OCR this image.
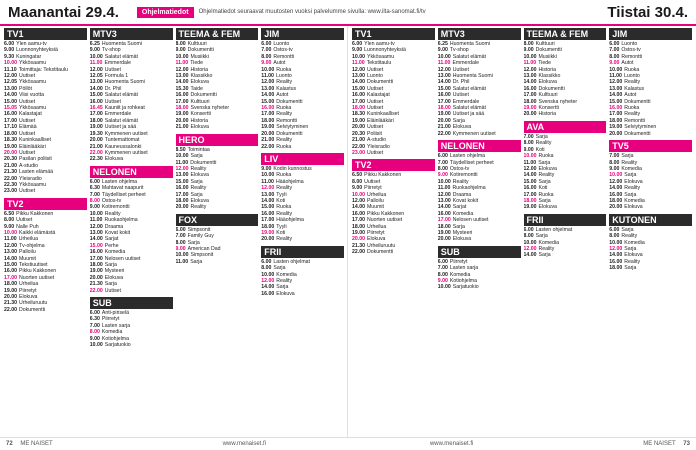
Maanantai 29.4.	Ohjelmatiedot	Ohjelmatiedot seuraavat muutosten vuoksi palvelumme sivulla: www.ilta-sanomat.fi/tv	Tiistai 30.4.
TV1
6.00 Ylen aamu-tv
9.00 Luonnonyhteyksiä
9.30 Kuningatar
10.00 Ykkösaamu
11.10 Toimittaja: Tekstitaulu
12.00 Uutiset
12.05 Ykkösaamu
13.00 Pöllöt
14.00 Viisi vuotta
15.00 Uutiset
15.05 Ykkösaamu
16.00 Kalastajat
17.00 Uutiset
17.10 Elämää
18.00 Uutiset
18.30 Kuninkaalliset
19.00 Eläinlääkäri
20.00 Uutiset
20.30 Pasilan poliisit
21.00 A-studio
21.30 Lasten elämää
22.00 Yleisradio
22.30 Ykkösaamu
23.00 Uutiset
TV2
6.50 Pikku Kakkonen
8.00 Uutiset
9.00 Nalle Puh
10.00 Kaikki elämästä
11.00 Urheilua
12.00 Tv-ohjelma
13.00 Palloilu
14.00 Muumit
15.00 Tekstiuutiset
16.00 Pikku Kakkonen
17.00 Nuorten uutiset
18.00 Urheilua
19.00 Piirretyt
20.00 Elokuva
21.30 Urheiluruutu
22.00 Dokumentti
MTV3
6.25 Huomenta Suomi
9.00 Tv-shop
10.00 Salatut elämät
11.00 Emmerdale
12.00 Uutiset
12.05 Formula 1
13.00 Huomenta Suomi
14.00 Dr. Phil
15.00 Salatut elämät
16.00 Uutiset
16.45 Kauniit ja rohkeat
17.00 Emmerdale
18.00 Salatut elämät
19.00 Uutiset ja sää
19.30 Kymmenen uutiset
20.00 Tuntemattomat
21.00 Kauneussalonki
22.00 Kymmenen uutiset
22.30 Elokuva
NELONEN
6.00 Lasten ohjelma
6.30 Mahtavat naapurit
7.00 Täydelliset perheet
8.00 Ostos-tv
9.00 Kotiremontti
10.00 Reality
11.00 Ruokaohjelma
12.00 Draama
13.00 Kovat kokit
14.00 Sarjat
15.00 Perhe
16.00 Komedia
17.00 Nelosen uutiset
18.00 Sarja
19.00 Mysteeri
20.00 Elokuva
21.30 Sarja
22.00 Uutiset
SUB
6.00 Anti-piriselä
6.30 Piirretyt
7.00 Lasten sarja
8.00 Komedia
9.00 Kotiohjelma
10.00 Sarjatuokio
TEEMA & FEM
8.00 Kulttuuri
9.00 Dokumentti
10.00 Musiikki
11.00 Tiede
12.00 Historia
13.00 Klassikko
14.00 Elokuva
15.30 Taide
16.00 Dokumentti
17.00 Kulttuuri
18.00 Svenska nyheter
19.00 Konsertti
20.00 Historia
21.00 Elokuva
HERO
8.50 Toimintaa
10.00 Sarja
11.00 Dokumentti
12.00 Reality
13.00 Elokuva
15.00 Sarja
16.00 Reality
17.00 Sarja
18.00 Elokuva
20.00 Reality
FOX
6.00 Simpsonit
7.00 Family Guy
8.00 Sarja
9.00 American Dad
10.00 Simpsonit
11.00 Sarja
JIM
6.00 Luonto
7.00 Ostos-tv
8.00 Remontti
9.00 Autot
10.00 Ruoka
11.00 Luonto
12.00 Reality
13.00 Kalastus
14.00 Autot
15.00 Dokumentti
16.00 Ruoka
17.00 Reality
18.00 Remontti
19.00 Selviytyminen
20.00 Dokumentti
21.00 Reality
22.00 Ruoka
LIV
9.00 Kodin kunnostus
10.00 Ruoka
11.00 Hääohjelma
12.00 Reality
13.00 Tyyli
14.00 Koti
15.00 Ruoka
16.00 Reality
17.00 Hääohjelma
18.00 Tyyli
19.00 Koti
20.00 Reality
FRII
6.00 Lasten ohjelmat
8.00 Sarja
10.00 Komedia
12.00 Reality
14.00 Sarja
16.00 Elokuva
TV1
6.00 Ylen aamu-tv
9.00 Luonnonyhteyksiä
10.00 Ykkösaamu
11.00 Tekstitaulu
12.00 Uutiset
13.00 Luonto
14.00 Dokumentti
15.00 Uutiset
16.00 Kalastajat
17.00 Uutiset
18.00 Uutiset
18.30 Kuninkaalliset
19.00 Eläinlääkäri
20.00 Uutiset
20.30 Poliisit
21.00 A-studio
22.00 Yleisradio
23.00 Uutiset
TV2
6.50 Pikku Kakkonen
8.00 Uutiset
9.00 Piirretyt
10.00 Urheilua
12.00 Palloilu
14.00 Muumit
16.00 Pikku Kakkonen
17.00 Nuorten uutiset
18.00 Urheilua
19.00 Piirretyt
20.00 Elokuva
21.30 Urheiluruutu
22.00 Dokumentti
MTV3
6.25 Huomenta Suomi
9.00 Tv-shop
10.00 Salatut elämät
11.00 Emmerdale
12.00 Uutiset
13.00 Huomenta Suomi
14.00 Dr. Phil
15.00 Salatut elämät
16.00 Uutiset
17.00 Emmerdale
18.00 Salatut elämät
19.00 Uutiset ja sää
20.00 Sarja
21.00 Elokuva
22.00 Kymmenen uutiset
NELONEN
6.00 Lasten ohjelma
7.00 Täydelliset perheet
8.00 Ostos-tv
9.00 Kotiremontti
10.00 Reality
11.00 Ruokaohjelma
12.00 Draama
13.00 Kovat kokit
14.00 Sarjat
16.00 Komedia
17.00 Nelosen uutiset
18.00 Sarja
19.00 Mysteeri
20.00 Elokuva
SUB
6.00 Piirretyt
7.00 Lasten sarja
8.00 Komedia
9.00 Kotiohjelma
10.00 Sarjatuokio
TEEMA & FEM
8.00 Kulttuuri
9.00 Dokumentti
10.00 Musiikki
11.00 Tiede
12.00 Historia
13.00 Klassikko
14.00 Elokuva
16.00 Dokumentti
17.00 Kulttuuri
18.00 Svenska nyheter
19.00 Konsertti
20.00 Historia
AVA
7.00 Sarja
8.00 Reality
9.00 Koti
10.00 Ruoka
11.00 Sarja
12.00 Elokuva
14.00 Reality
15.00 Sarja
16.00 Koti
17.00 Ruoka
18.00 Sarja
19.00 Elokuva
FRII
6.00 Lasten ohjelmat
8.00 Sarja
10.00 Komedia
12.00 Reality
14.00 Sarja
JIM
6.00 Luonto
7.00 Ostos-tv
8.00 Remontti
9.00 Autot
10.00 Ruoka
11.00 Luonto
12.00 Reality
13.00 Kalastus
14.00 Autot
15.00 Dokumentti
16.00 Ruoka
17.00 Reality
18.00 Remontti
19.00 Selviytyminen
20.00 Dokumentti
TV5
7.00 Sarja
8.00 Reality
9.00 Komedia
10.00 Sarja
12.00 Elokuva
14.00 Reality
16.00 Sarja
18.00 Komedia
20.00 Elokuva
KUTONEN
6.00 Sarja
8.00 Reality
10.00 Komedia
12.00 Sarja
14.00 Elokuva
16.00 Reality
18.00 Sarja
72 ME NAISET	www.menaiset.fi	www.menaiset.fi	ME NAISET 73
